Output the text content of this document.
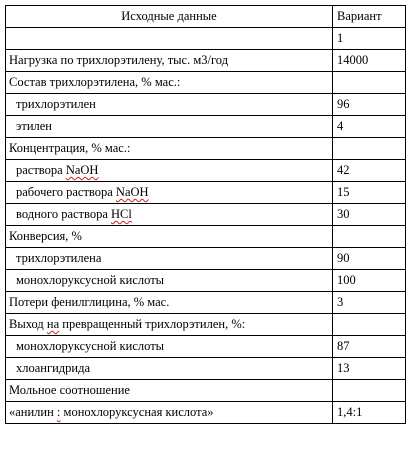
Исходные данные	Вариант
	1
Нагрузка по трихлорэтилену, тыс. м3/год	14000
Состав трихлорэтилена, % мас.:	
трихлорэтилен	96
этилен	4
Концентрация, % мас.:	
раствора NaOH	42
рабочего раствора NaOH	15
водного раствора HCl	30
Конверсия, %	
трихлорэтилена	90
монохлоруксусной кислоты	100
Потери фенилглицина, % мас.	3
Выход на превращенный трихлорэтилен, %:	
монохлоруксусной кислоты	87
хлоангидрида	13
Мольное соотношение	
«анилин : монохлоруксусная кислота»	1,4:1
